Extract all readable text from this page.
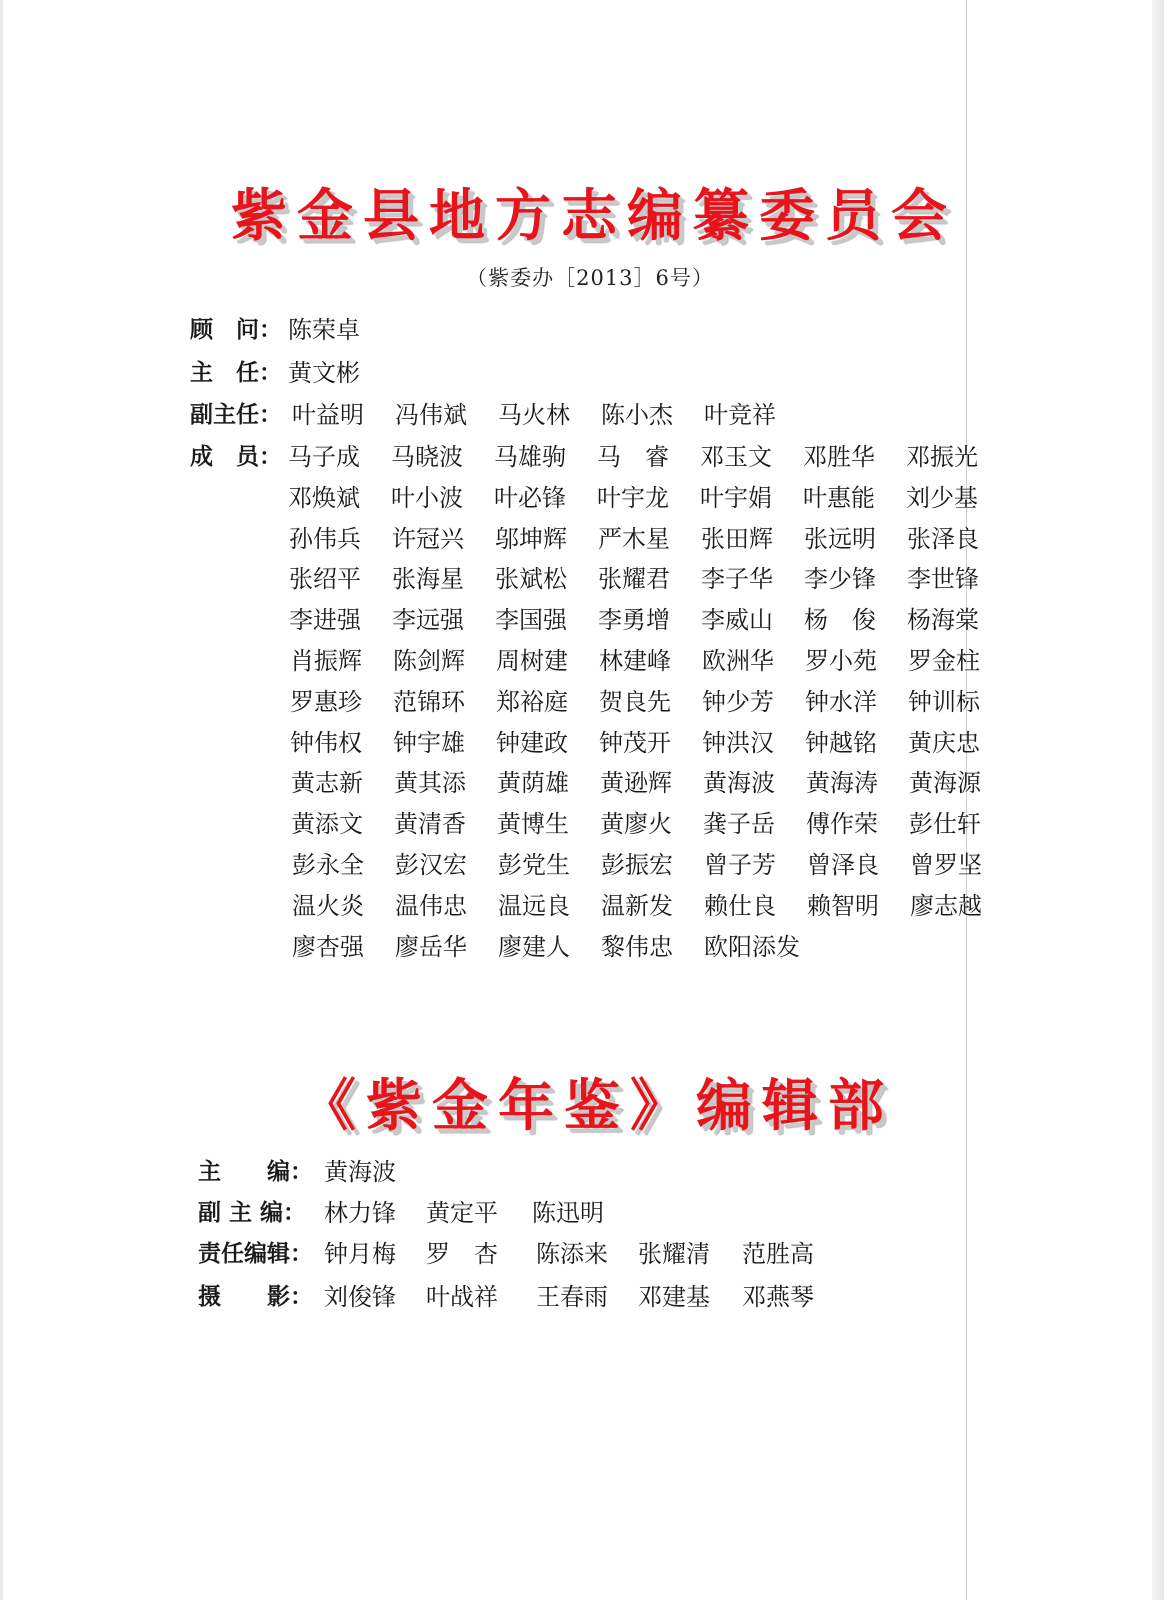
紫金县地方志编纂委员会
（紫委办［2013］6号）
顾　问： 陈荣卓
主　任： 黄文彬
副主任： 叶益明 冯伟斌 马火林 陈小杰 叶竞祥
成　员： 马子成 马晓波 马雄驹 马　睿 邓玉文 邓胜华 邓振光
邓焕斌 叶小波 叶必锋 叶宇龙 叶宇娟 叶惠能 刘少基
孙伟兵 许冠兴 邬坤辉 严木星 张田辉 张远明 张泽良
张绍平 张海星 张斌松 张耀君 李子华 李少锋 李世锋
李进强 李远强 李国强 李勇增 李威山 杨　俊 杨海棠
肖振辉 陈剑辉 周树建 林建峰 欧洲华 罗小苑 罗金柱
罗惠珍 范锦环 郑裕庭 贺良先 钟少芳 钟水洋 钟训标
钟伟权 钟宇雄 钟建政 钟茂开 钟洪汉 钟越铭 黄庆忠
黄志新 黄其添 黄荫雄 黄逊辉 黄海波 黄海涛 黄海源
黄添文 黄清香 黄博生 黄廖火 龚子岳 傅作荣 彭仕轩
彭永全 彭汉宏 彭党生 彭振宏 曾子芳 曾泽良 曾罗坚
温火炎 温伟忠 温远良 温新发 赖仕良 赖智明 廖志越
廖杏强 廖岳华 廖建人 黎伟忠 欧阳添发
《紫金年鉴》编辑部
主　　编： 黄海波
副 主 编： 林力锋 黄定平 陈迅明
责任编辑： 钟月梅 罗　杏 陈添来 张耀清 范胜高
摄　　影： 刘俊锋 叶战祥 王春雨 邓建基 邓燕琴
